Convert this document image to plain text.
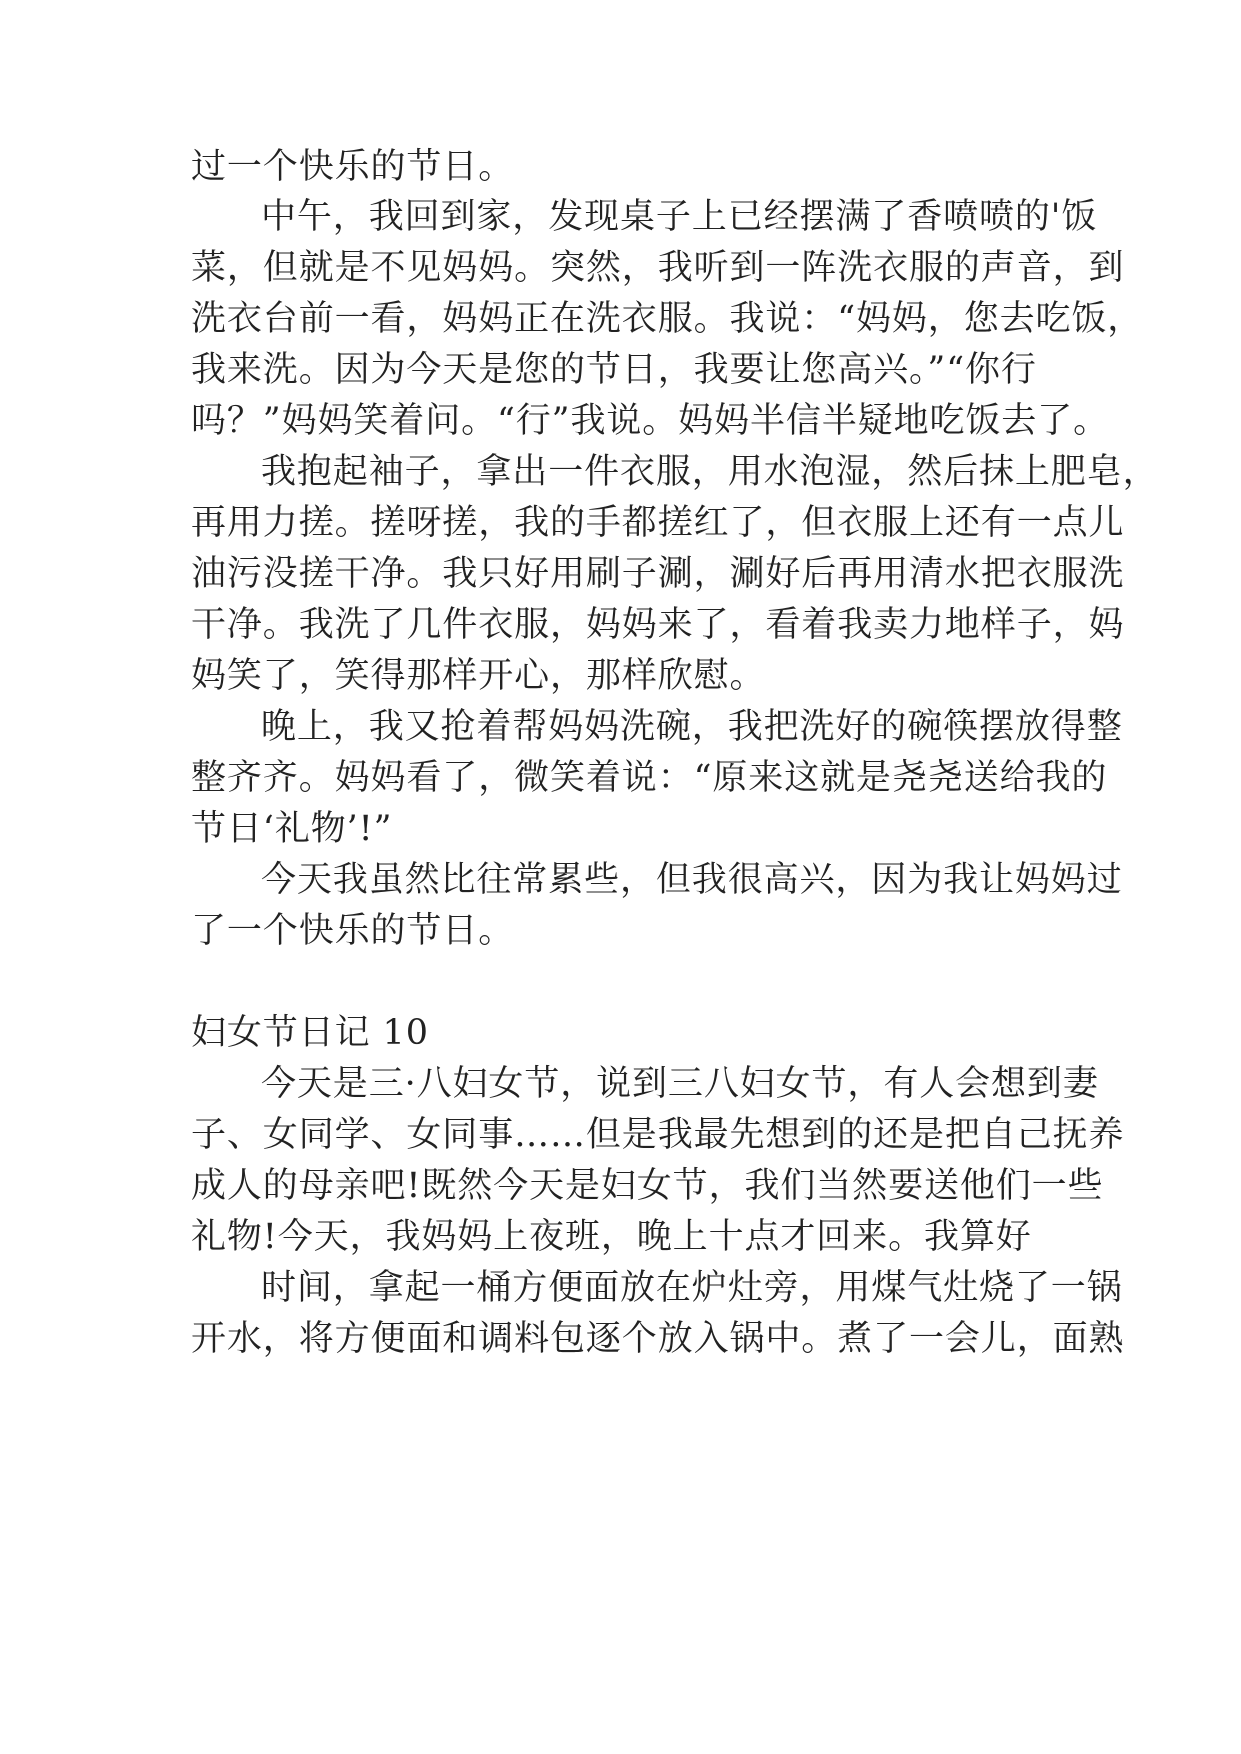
过一个快乐的节日。

中午，我回到家，发现桌子上已经摆满了香喷喷的'饭

菜，但就是不见妈妈。突然，我听到一阵洗衣服的声音，到

洗衣台前一看，妈妈正在洗衣服。我说：“妈妈，您去吃饭，

我来洗。因为今天是您的节日，我要让您高兴。”“你行

吗？”妈妈笑着问。“行”我说。妈妈半信半疑地吃饭去了。

我抱起袖子，拿出一件衣服，用水泡湿，然后抹上肥皂，

再用力搓。搓呀搓，我的手都搓红了，但衣服上还有一点儿

油污没搓干净。我只好用刷子涮，涮好后再用清水把衣服洗

干净。我洗了几件衣服，妈妈来了，看着我卖力地样子，妈

妈笑了，笑得那样开心，那样欣慰。

晚上，我又抢着帮妈妈洗碗，我把洗好的碗筷摆放得整

整齐齐。妈妈看了，微笑着说：“原来这就是尧尧送给我的

节日‘礼物’!”

今天我虽然比往常累些，但我很高兴，因为我让妈妈过

了一个快乐的节日。

妇女节日记 10

今天是三·八妇女节，说到三八妇女节，有人会想到妻

子、女同学、女同事……但是我最先想到的还是把自己抚养

成人的母亲吧!既然今天是妇女节，我们当然要送他们一些

礼物!今天，我妈妈上夜班，晚上十点才回来。我算好

时间，拿起一桶方便面放在炉灶旁，用煤气灶烧了一锅

开水，将方便面和调料包逐个放入锅中。煮了一会儿，面熟
